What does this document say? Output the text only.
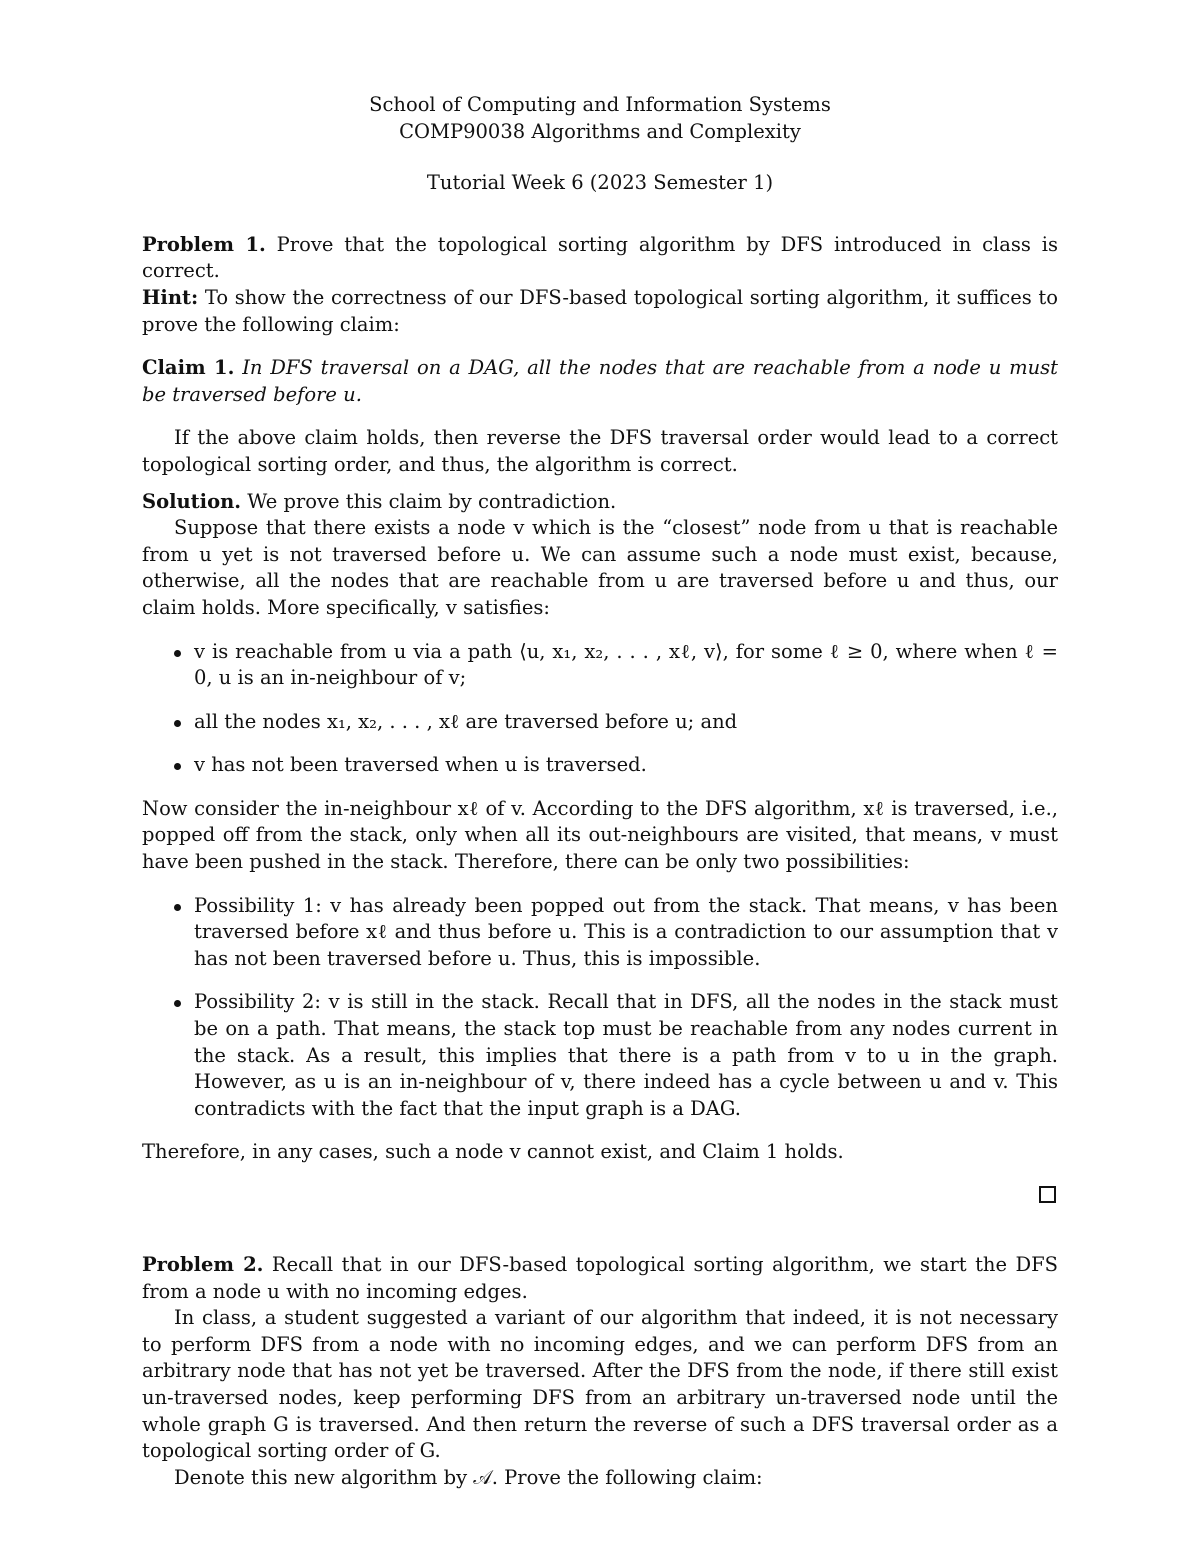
School of Computing and Information Systems
COMP90038 Algorithms and Complexity
Tutorial Week 6 (2023 Semester 1)

Problem 1. Prove that the topological sorting algorithm by DFS introduced in class is correct.
Hint: To show the correctness of our DFS-based topological sorting algorithm, it suffices to prove the following claim:

Claim 1. In DFS traversal on a DAG, all the nodes that are reachable from a node u must be traversed before u.

If the above claim holds, then reverse the DFS traversal order would lead to a correct topological sorting order, and thus, the algorithm is correct.

Solution. We prove this claim by contradiction.

Suppose that there exists a node v which is the “closest” node from u that is reachable from u yet is not traversed before u. We can assume such a node must exist, because, otherwise, all the nodes that are reachable from u are traversed before u and thus, our claim holds. More specifically, v satisfies:

v is reachable from u via a path ⟨u, x₁, x₂, . . . , xℓ, v⟩, for some ℓ ≥ 0, where when ℓ = 0, u is an in-neighbour of v;
all the nodes x₁, x₂, . . . , xℓ are traversed before u; and
v has not been traversed when u is traversed.

Now consider the in-neighbour xℓ of v. According to the DFS algorithm, xℓ is traversed, i.e., popped off from the stack, only when all its out-neighbours are visited, that means, v must have been pushed in the stack. Therefore, there can be only two possibilities:

Possibility 1: v has already been popped out from the stack. That means, v has been traversed before xℓ and thus before u. This is a contradiction to our assumption that v has not been traversed before u. Thus, this is impossible.
Possibility 2: v is still in the stack. Recall that in DFS, all the nodes in the stack must be on a path. That means, the stack top must be reachable from any nodes current in the stack. As a result, this implies that there is a path from v to u in the graph. However, as u is an in-neighbour of v, there indeed has a cycle between u and v. This contradicts with the fact that the input graph is a DAG.

Therefore, in any cases, such a node v cannot exist, and Claim 1 holds.

Problem 2. Recall that in our DFS-based topological sorting algorithm, we start the DFS from a node u with no incoming edges.

In class, a student suggested a variant of our algorithm that indeed, it is not necessary to perform DFS from a node with no incoming edges, and we can perform DFS from an arbitrary node that has not yet be traversed. After the DFS from the node, if there still exist un-traversed nodes, keep performing DFS from an arbitrary un-traversed node until the whole graph G is traversed. And then return the reverse of such a DFS traversal order as a topological sorting order of G.

Denote this new algorithm by 𝒜. Prove the following claim:
